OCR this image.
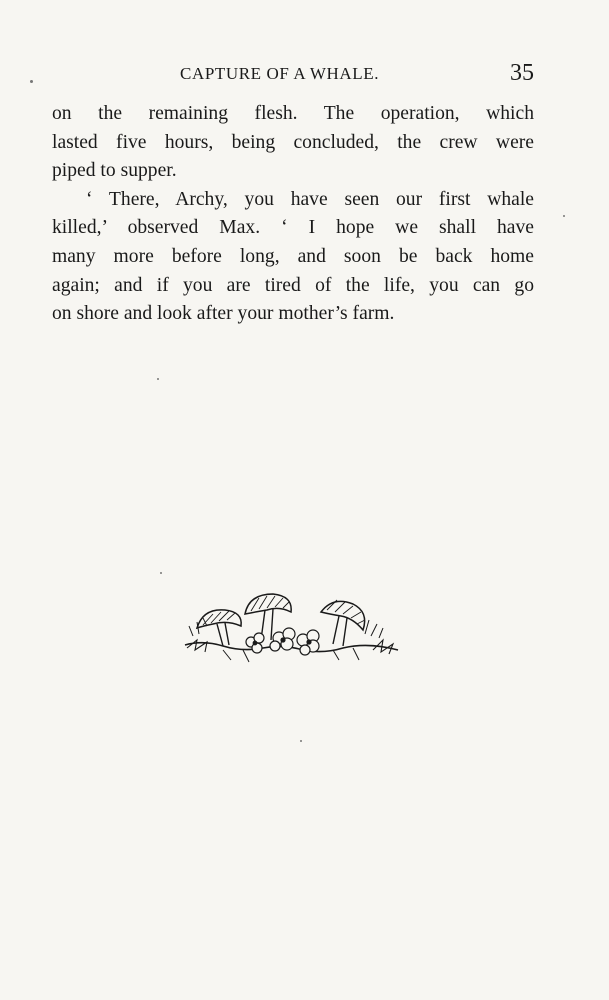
CAPTURE OF A WHALE.	35
on the remaining flesh. The operation, which
lasted five hours, being concluded, the crew were
piped to supper.
‘ There, Archy, you have seen our first whale
killed,’ observed Max. ‘ I hope we shall have
many more before long, and soon be back home
again; and if you are tired of the life, you can go
on shore and look after your mother’s farm.
